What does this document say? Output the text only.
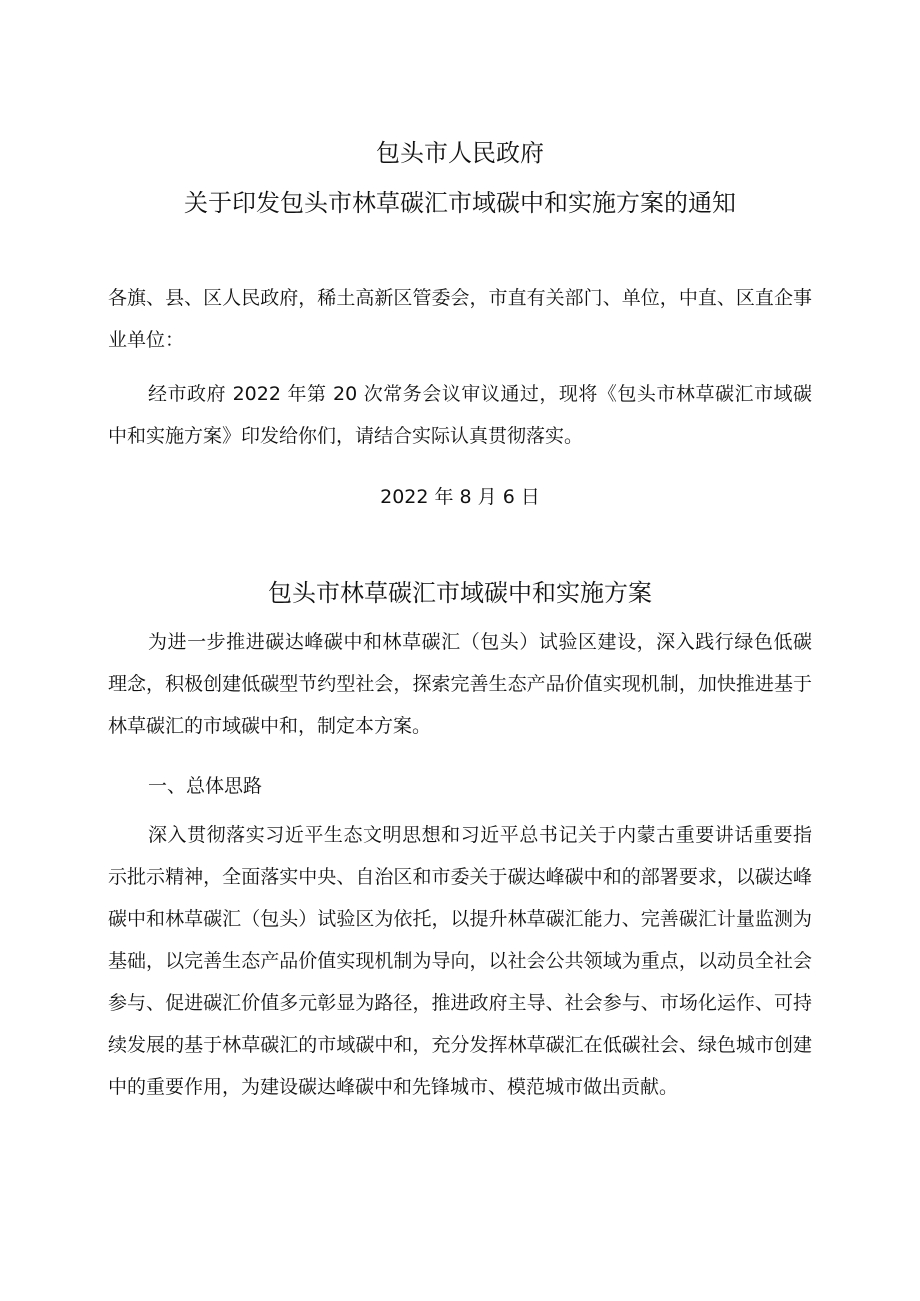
包头市人民政府
关于印发包头市林草碳汇市域碳中和实施方案的通知
各旗、县、区人民政府，稀土高新区管委会，市直有关部门、单位，中直、区直企事业单位：
经市政府 2022 年第 20 次常务会议审议通过，现将《包头市林草碳汇市域碳中和实施方案》印发给你们，请结合实际认真贯彻落实。
2022 年 8 月 6 日
包头市林草碳汇市域碳中和实施方案
为进一步推进碳达峰碳中和林草碳汇（包头）试验区建设，深入践行绿色低碳理念，积极创建低碳型节约型社会，探索完善生态产品价值实现机制，加快推进基于林草碳汇的市域碳中和，制定本方案。
一、总体思路
深入贯彻落实习近平生态文明思想和习近平总书记关于内蒙古重要讲话重要指示批示精神，全面落实中央、自治区和市委关于碳达峰碳中和的部署要求，以碳达峰碳中和林草碳汇（包头）试验区为依托，以提升林草碳汇能力、完善碳汇计量监测为基础，以完善生态产品价值实现机制为导向，以社会公共领域为重点，以动员全社会参与、促进碳汇价值多元彰显为路径，推进政府主导、社会参与、市场化运作、可持续发展的基于林草碳汇的市域碳中和，充分发挥林草碳汇在低碳社会、绿色城市创建中的重要作用，为建设碳达峰碳中和先锋城市、模范城市做出贡献。
